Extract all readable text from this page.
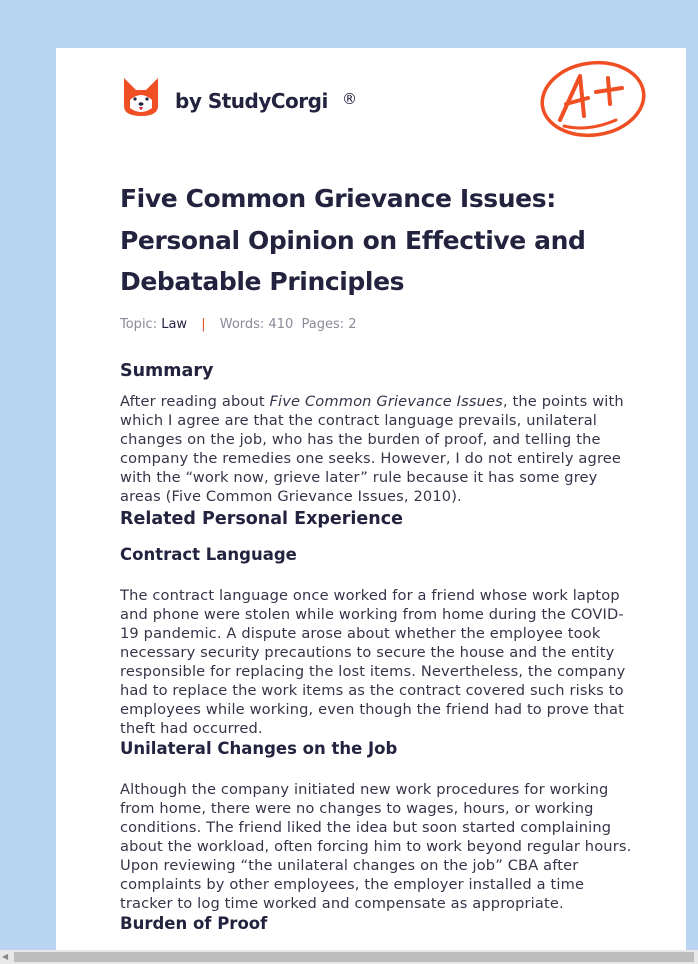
by StudyCorgi ®
Five Common Grievance Issues: Personal Opinion on Effective and Debatable Principles
Topic: Law | Words: 410 Pages: 2
Summary

After reading about Five Common Grievance Issues, the points with which I agree are that the contract language prevails, unilateral changes on the job, who has the burden of proof, and telling the company the remedies one seeks. However, I do not entirely agree with the “work now, grieve later” rule because it has some grey areas (Five Common Grievance Issues, 2010).

Related Personal Experience
Contract Language

The contract language once worked for a friend whose work laptop and phone were stolen while working from home during the COVID-19 pandemic. A dispute arose about whether the employee took necessary security precautions to secure the house and the entity responsible for replacing the lost items. Nevertheless, the company had to replace the work items as the contract covered such risks to employees while working, even though the friend had to prove that theft had occurred.

Unilateral Changes on the Job

Although the company initiated new work procedures for working from home, there were no changes to wages, hours, or working conditions. The friend liked the idea but soon started complaining about the workload, often forcing him to work beyond regular hours. Upon reviewing “the unilateral changes on the job” CBA after complaints by other employees, the employer installed a time tracker to log time worked and compensate as appropriate.

Burden of Proof
◀
